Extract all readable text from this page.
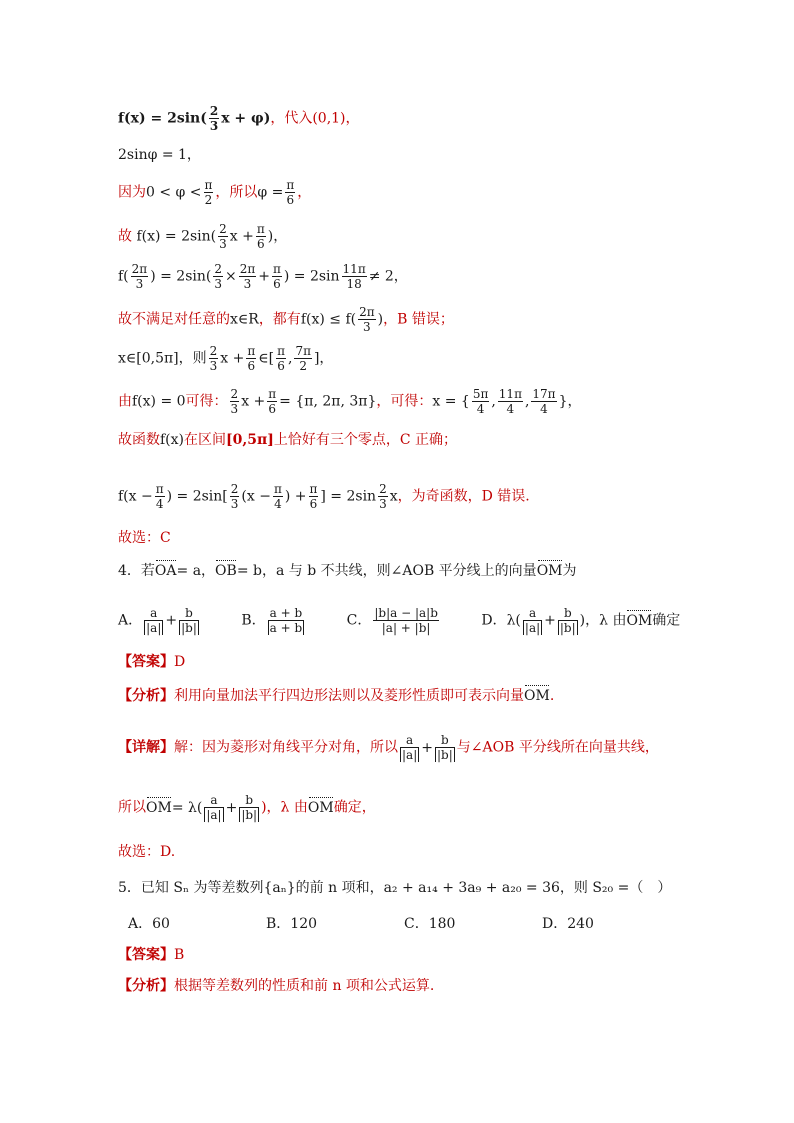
$f(x) = 2\sin( \frac{2}{3}$ x + φ)，代入(0,1)，
2sinφ = 1，
因为$0 < \varphi < \frac{\pi}{2}$ ，所以$\varphi = \frac{\pi}{6}$ ，
故 $f(x) = 2\sin( \frac{2}{3}$ $x + \frac{\pi}{6}$ )，
$f( \frac{2\pi}{3}$ ) = $2\sin( \frac{2}{3} \times \frac{2\pi}{3} + \frac{\pi}{6}$ ) = $2\sin \frac{11\pi}{18} \ne 2$，
故不满足对任意的x∈R，都有$f(x) \le f( \frac{2\pi}{3}$ )，B 错误；
x∈[0,5π]，则 $\frac{2}{3}$ $x + \frac{\pi}{6}$ ∈[ $\frac{\pi}{6}$ , $\frac{7\pi}{2}$ ]，
由f(x) = 0可得： $\frac{2}{3}$ $x + \frac{\pi}{6} = \{\pi$, 2π, 3π}，可得：x = { $\frac{5\pi}{4}$ , $\frac{11\pi}{4}$ , $\frac{17\pi}{4}$ }，
故函数f(x)在区间[0,5π]上恰好有三个零点，C 正确；
$f(x - \frac{\pi}{4}$ ) = $2\sin[ \frac{2}{3} (x - \frac{\pi}{4}$ ) + $\frac{\pi}{6}$ ] = $2\sin \frac{2}{3}$ x，为奇函数，D 错误.
故选：C
4．若OA= a，OB= b，a 与 b 不共线，则∠AOB 平分线上的向量OM为
A． $\frac{a}{|a|} + \frac{b}{|b|}$	B． $\frac{a + b}{a + b}$	C． $\frac{|b|a - |a|b}{|a| + |b|}$	D．$\lambda( \frac{a}{|a|} + \frac{b}{|b|}$ )，λ 由OM确定
【答案】D
【分析】利用向量加法平行四边形法则以及菱形性质即可表示向量OM.
【详解】解：因为菱形对角线平分对角，所以 $\frac{a}{|a|} + \frac{b}{|b|}$ 与∠AOB 平分线所在向量共线，
所以$OM= \lambda( \frac{a}{|a|} + \frac{b}{|b|}$ )，λ 由OM确定，
故选：D.
5．已知 Sₙ 为等差数列{aₙ}的前 n 项和，a₂ + a₁₄ + 3a₉ + a₂₀ = 36，则 S₂₀ =（　）
A．60	B．120	C．180	D．240
【答案】B
【分析】根据等差数列的性质和前 n 项和公式运算.
